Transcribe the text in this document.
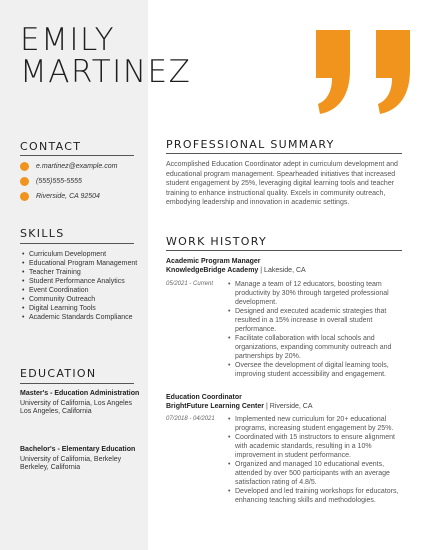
EMILY
MARTINEZ
CONTACT
e.martinez@example.com
(555)555-5555
Riverside, CA 92504
SKILLS
• Curriculum Development
• Educational Program Management
• Teacher Training
• Student Performance Analytics
• Event Coordination
• Community Outreach
• Digital Learning Tools
• Academic Standards Compliance
EDUCATION
Master's - Education Administration
University of California, Los Angeles
Los Angeles, California
Bachelor's - Elementary Education
University of California, Berkeley
Berkeley, California
PROFESSIONAL SUMMARY
Accomplished Education Coordinator adept in curriculum development and educational program management. Spearheaded initiatives that increased student engagement by 25%, leveraging digital learning tools and teacher training to enhance instructional quality. Excels in community outreach, embodying leadership and innovation in academic settings.
WORK HISTORY
Academic Program Manager
KnowledgeBridge Academy | Lakeside, CA
05/2021 - Current	• Manage a team of 12 educators, boosting team productivity by 30% through targeted professional development.
• Designed and executed academic strategies that resulted in a 15% increase in overall student performance.
• Facilitate collaboration with local schools and organizations, expanding community outreach and partnerships by 20%.
• Oversee the development of digital learning tools, improving student accessibility and engagement.
Education Coordinator
BrightFuture Learning Center | Riverside, CA
07/2018 - 04/2021	• Implemented new curriculum for 20+ educational programs, increasing student engagement by 25%.
• Coordinated with 15 instructors to ensure alignment with academic standards, resulting in a 10% improvement in student performance.
• Organized and managed 10 educational events, attended by over 500 participants with an average satisfaction rating of 4.8/5.
• Developed and led training workshops for educators, enhancing teaching skills and methodologies.
